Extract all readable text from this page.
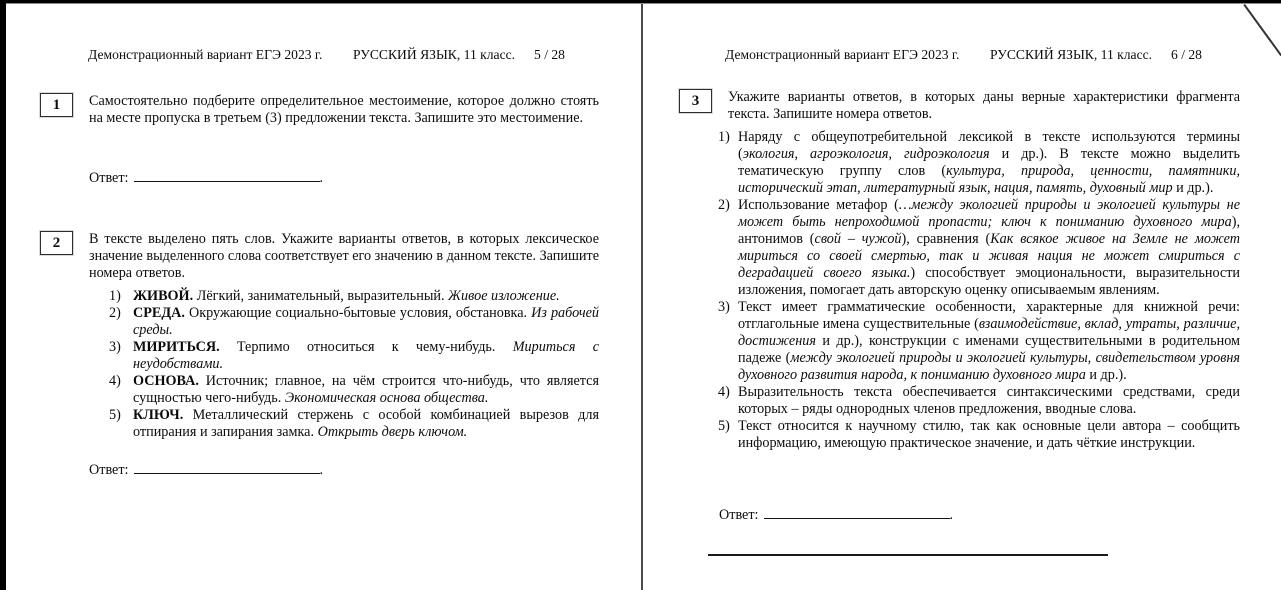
Демонстрационный вариант ЕГЭ 2023 г. РУССКИЙ ЯЗЫК, 11 класс. 5 / 28
1	Самостоятельно подберите определительное местоимение, которое должно стоять на месте пропуска в третьем (3) предложении текста. Запишите это местоимение.

Ответ:	.
2	В тексте выделено пять слов. Укажите варианты ответов, в которых лексическое значение выделенного слова соответствует его значению в данном тексте. Запишите номера ответов.

1) ЖИВОЙ. Лёгкий, занимательный, выразительный. Живое изложение.
2) СРЕДА. Окружающие социально-бытовые условия, обстановка. Из рабочей среды.
3) МИРИТЬСЯ. Терпимо относиться к чему-нибудь. Мириться с неудобствами.
4) ОСНОВА. Источник; главное, на чём строится что-нибудь, что является сущностью чего-нибудь. Экономическая основа общества.
5) КЛЮЧ. Металлический стержень с особой комбинацией вырезов для отпирания и запирания замка. Открыть дверь ключом.
Ответ:	.
Демонстрационный вариант ЕГЭ 2023 г. РУССКИЙ ЯЗЫК, 11 класс. 6 / 28
3	Укажите варианты ответов, в которых даны верные характеристики фрагмента текста. Запишите номера ответов.

1) Наряду с общеупотребительной лексикой в тексте используются термины (экология, агроэкология, гидроэкология и др.). В тексте можно выделить тематическую группу слов (культура, природа, ценности, памятники, исторический этап, литературный язык, нация, память, духовный мир и др.).
2) Использование метафор (…между экологией природы и экологией культуры не может быть непроходимой пропасти; ключ к пониманию духовного мира), антонимов (свой – чужой), сравнения (Как всякое живое на Земле не может мириться со своей смертью, так и живая нация не может смириться с деградацией своего языка.) способствует эмоциональности, выразительности изложения, помогает дать авторскую оценку описываемым явлениям.
3) Текст имеет грамматические особенности, характерные для книжной речи: отглагольные имена существительные (взаимодействие, вклад, утраты, различие, достижения и др.), конструкции с именами существительными в родительном падеже (между экологией природы и экологией культуры, свидетельством уровня духовного развития народа, к пониманию духовного мира и др.).
4) Выразительность текста обеспечивается синтаксическими средствами, среди которых – ряды однородных членов предложения, вводные слова.
5) Текст относится к научному стилю, так как основные цели автора – сообщить информацию, имеющую практическое значение, и дать чёткие инструкции.
Ответ:	.
